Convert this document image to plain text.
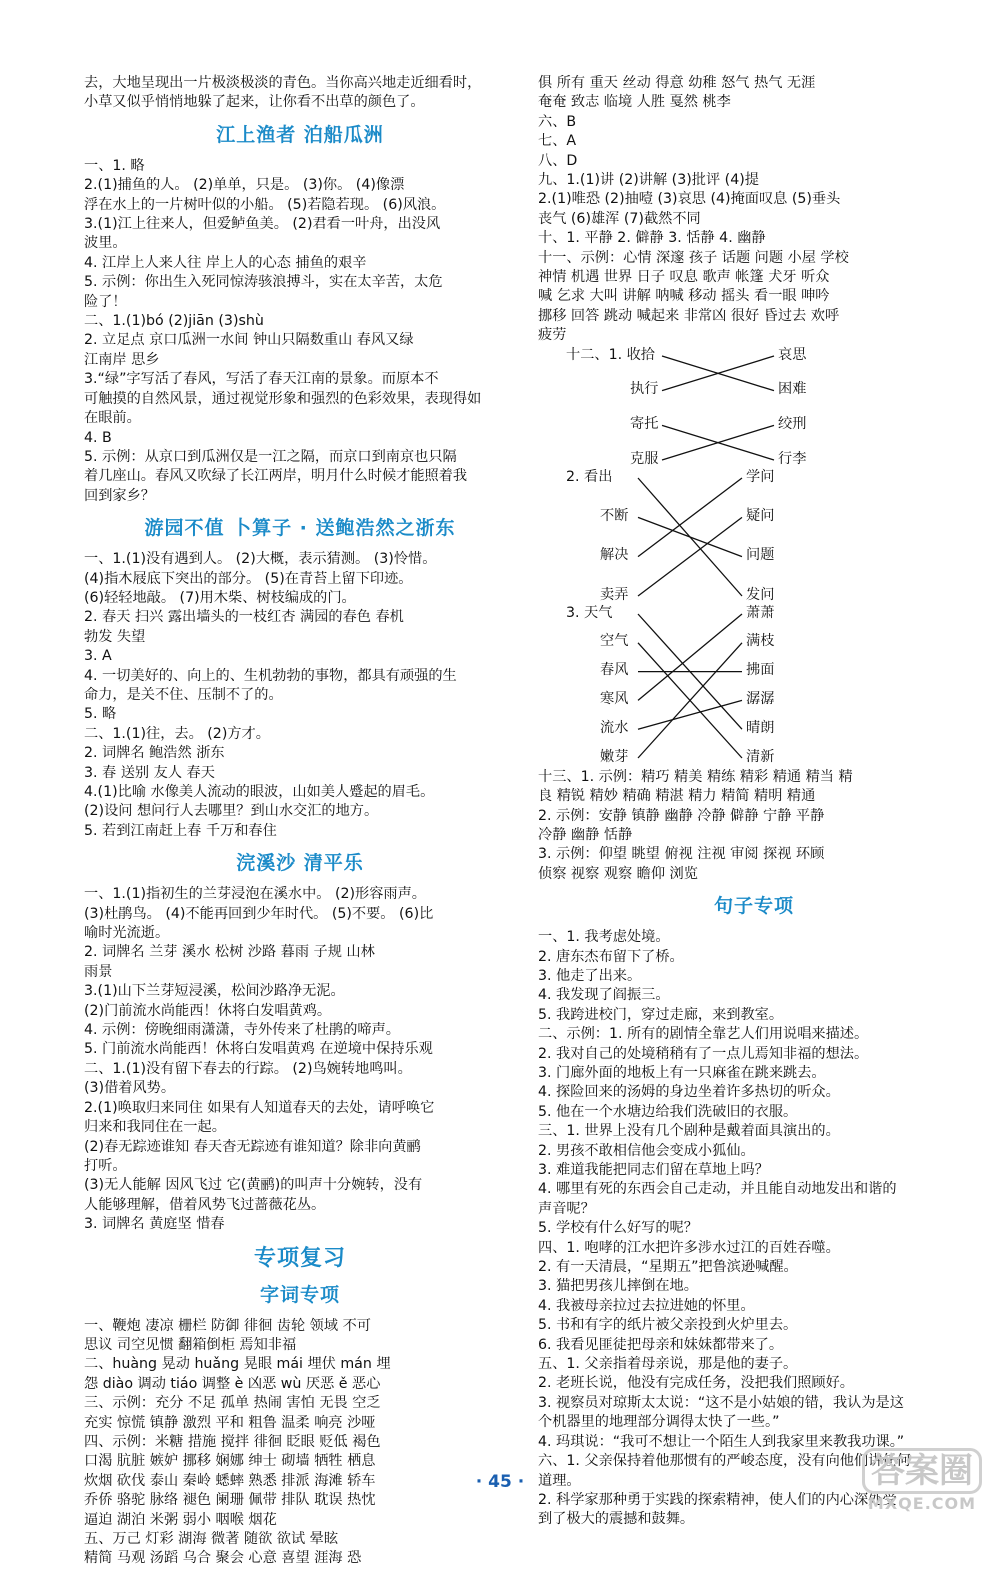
去，大地呈现出一片极淡极淡的青色。当你高兴地走近细看时，
小草又似乎悄悄地躲了起来，让你看不出草的颜色了。
江上渔者 泊船瓜洲
一、1. 略
2.(1)捕鱼的人。 (2)单单，只是。 (3)你。 (4)像漂
浮在水上的一片树叶似的小船。 (5)若隐若现。 (6)风浪。
3.(1)江上往来人，但爱鲈鱼美。 (2)君看一叶舟，出没风
波里。
4. 江岸上人来人往 岸上人的心态 捕鱼的艰辛
5. 示例：你出生入死同惊涛骇浪搏斗，实在太辛苦，太危
险了！
二、1.(1)bó (2)jiān (3)shù
2. 立足点 京口瓜洲一水间 钟山只隔数重山 春风又绿
江南岸 思乡
3.“绿”字写活了春风，写活了春天江南的景象。而原本不
可触摸的自然风景，通过视觉形象和强烈的色彩效果，表现得如
在眼前。
4. B
5. 示例：从京口到瓜洲仅是一江之隔，而京口到南京也只隔
着几座山。春风又吹绿了长江两岸，明月什么时候才能照着我
回到家乡？
游园不值 卜算子 · 送鲍浩然之浙东
一、1.(1)没有遇到人。 (2)大概，表示猜测。 (3)怜惜。
(4)指木屐底下突出的部分。 (5)在青苔上留下印迹。
(6)轻轻地敲。 (7)用木柴、树枝编成的门。
2. 春天 扫兴 露出墙头的一枝红杏 满园的春色 春机
勃发 失望
3. A
4. 一切美好的、向上的、生机勃勃的事物，都具有顽强的生
命力，是关不住、压制不了的。
5. 略
二、1.(1)往，去。 (2)方才。
2. 词牌名 鲍浩然 浙东
3. 春 送别 友人 春天
4.(1)比喻 水像美人流动的眼波，山如美人蹙起的眉毛。
(2)设问 想问行人去哪里？到山水交汇的地方。
5. 若到江南赶上春 千万和春住
浣溪沙 清平乐
一、1.(1)指初生的兰芽浸泡在溪水中。 (2)形容雨声。
(3)杜鹃鸟。 (4)不能再回到少年时代。 (5)不要。 (6)比
喻时光流逝。
2. 词牌名 兰芽 溪水 松树 沙路 暮雨 子规 山林
雨景
3.(1)山下兰芽短浸溪，松间沙路净无泥。
(2)门前流水尚能西！休将白发唱黄鸡。
4. 示例：傍晚细雨潇潇，寺外传来了杜鹃的啼声。
5. 门前流水尚能西！休将白发唱黄鸡 在逆境中保持乐观
二、1.(1)没有留下春去的行踪。 (2)鸟婉转地鸣叫。
(3)借着风势。
2.(1)唤取归来同住 如果有人知道春天的去处，请呼唤它
归来和我同住在一起。
(2)春无踪迹谁知 春天杳无踪迹有谁知道？除非向黄鹂
打听。
(3)无人能解 因风飞过 它(黄鹂)的叫声十分婉转，没有
人能够理解，借着风势飞过蔷薇花丛。
3. 词牌名 黄庭坚 惜春
专项复习
字词专项
一、鞭炮 凄凉 栅栏 防御 徘徊 齿轮 领域 不可
思议 司空见惯 翻箱倒柜 焉知非福
二、huàng 晃动 huǎng 晃眼 mái 埋伏 mán 埋
怨 diào 调动 tiáo 调整 è 凶恶 wù 厌恶 ě 恶心
三、示例：充分 不足 孤单 热闹 害怕 无畏 空乏
充实 惊慌 镇静 激烈 平和 粗鲁 温柔 响亮 沙哑
四、示例：米糖 措施 搅拌 徘徊 眨眼 贬低 褐色
口渴 肮脏 嫉妒 挪移 娴娜 绅士 砌墙 牺牲 栖息
炊烟 砍伐 泰山 秦岭 蟋蟀 熟悉 排派 海滩 轿车
乔侨 骆驼 脉络 褪色 阑珊 佩带 排队 耽误 热忱
逼迫 湖泊 米粥 弱小 咽喉 烟花
五、万己 灯彩 湖海 微著 随欲 欲试 晕眩
精简 马观 汤蹈 乌合 聚会 心意 喜望 涯海 恐
俱 所有 重天 丝动 得意 幼稚 怒气 热气 无涯
奄奄 致志 临境 人胜 戛然 桃李
六、B
七、A
八、D
九、1.(1)讲 (2)讲解 (3)批评 (4)提
2.(1)唯恐 (2)抽噎 (3)哀思 (4)掩面叹息 (5)垂头
丧气 (6)雄浑 (7)截然不同
十、1. 平静 2. 僻静 3. 恬静 4. 幽静
十一、示例：心情 深邃 孩子 话题 问题 小屋 学校
神情 机遇 世界 日子 叹息 歌声 帐篷 犬牙 听众
喊 乞求 大叫 讲解 呐喊 移动 摇头 看一眼 呻吟
挪移 回答 跳动 喊起来 非常凶 很好 昏过去 欢呼
疲劳
十二、1. 收拾
执行
寄托
克服
哀思
困难
绞刑
行李
2. 看出
不断
解决
卖弄
学问
疑问
问题
发问
3. 天气
空气
春风
寒风
流水
嫩芽
萧萧
满枝
拂面
潺潺
晴朗
清新
十三、1. 示例：精巧 精美 精练 精彩 精通 精当 精
良 精锐 精妙 精确 精湛 精力 精简 精明 精通
2. 示例：安静 镇静 幽静 冷静 僻静 宁静 平静
冷静 幽静 恬静
3. 示例：仰望 眺望 俯视 注视 审阅 探视 环顾
侦察 视察 观察 瞻仰 浏览
句子专项
一、1. 我考虑处境。
2. 唐东杰布留下了桥。
3. 他走了出来。
4. 我发现了阎振三。
5. 我跨进校门，穿过走廊，来到教室。
二、示例：1. 所有的剧情全靠艺人们用说唱来描述。
2. 我对自己的处境稍稍有了一点儿焉知非福的想法。
3. 门廊外面的地板上有一只麻雀在跳来跳去。
4. 探险回来的汤姆的身边坐着许多热切的听众。
5. 他在一个水塘边给我们洗破旧的衣服。
三、1. 世界上没有几个剧种是戴着面具演出的。
2. 男孩不敢相信他会变成小狐仙。
3. 难道我能把同志们留在草地上吗？
4. 哪里有死的东西会自己走动，并且能自动地发出和谐的
声音呢？
5. 学校有什么好写的呢？
四、1. 咆哮的江水把许多涉水过江的百姓吞噬。
2. 有一天清晨，“星期五”把鲁滨逊喊醒。
3. 猫把男孩儿摔倒在地。
4. 我被母亲拉过去拉进她的怀里。
5. 书和有字的纸片被父亲投到火炉里去。
6. 我看见匪徒把母亲和妹妹都带来了。
五、1. 父亲指着母亲说，那是他的妻子。
2. 老班长说，他没有完成任务，没把我们照顾好。
3. 视察员对琼斯太太说：“这不是小姑娘的错，我认为是这
个机器里的地理部分调得太快了一些。”
4. 玛琪说：“我可不想让一个陌生人到我家里来教我功课。”
六、1. 父亲保持着他那惯有的严峻态度，没有向他们讲任何
道理。
2. 科学家那种勇于实践的探索精神，使人们的内心深处受
到了极大的震撼和鼓舞。
· 45 ·	答案圈
MXQE.COM
